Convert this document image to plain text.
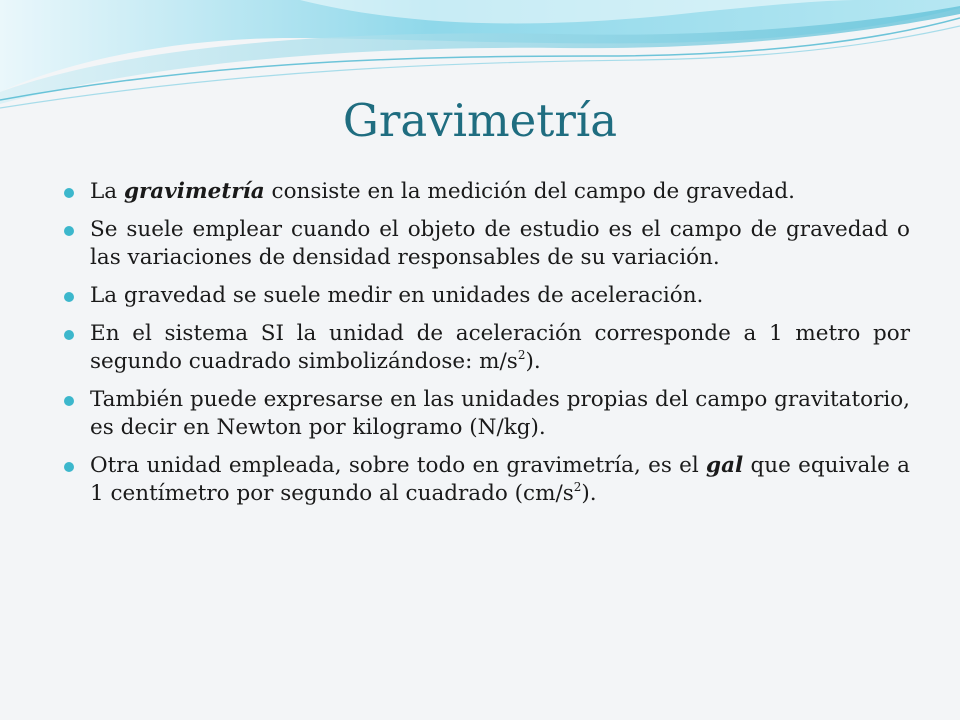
Gravimetría
La gravimetría consiste en la medición del campo de gravedad.
Se suele emplear cuando el objeto de estudio es el campo de gravedad o las variaciones de densidad responsables de su variación.
La gravedad se suele medir en unidades de aceleración.
En el sistema SI la unidad de aceleración corresponde a 1 metro por segundo cuadrado simbolizándose: $m/s^2$).
También puede expresarse en las unidades propias del campo gravitatorio, es decir en Newton por kilogramo (N/kg).
Otra unidad empleada, sobre todo en gravimetría, es el gal que equivale a 1 centímetro por segundo al cuadrado $(cm/s^2)$.
